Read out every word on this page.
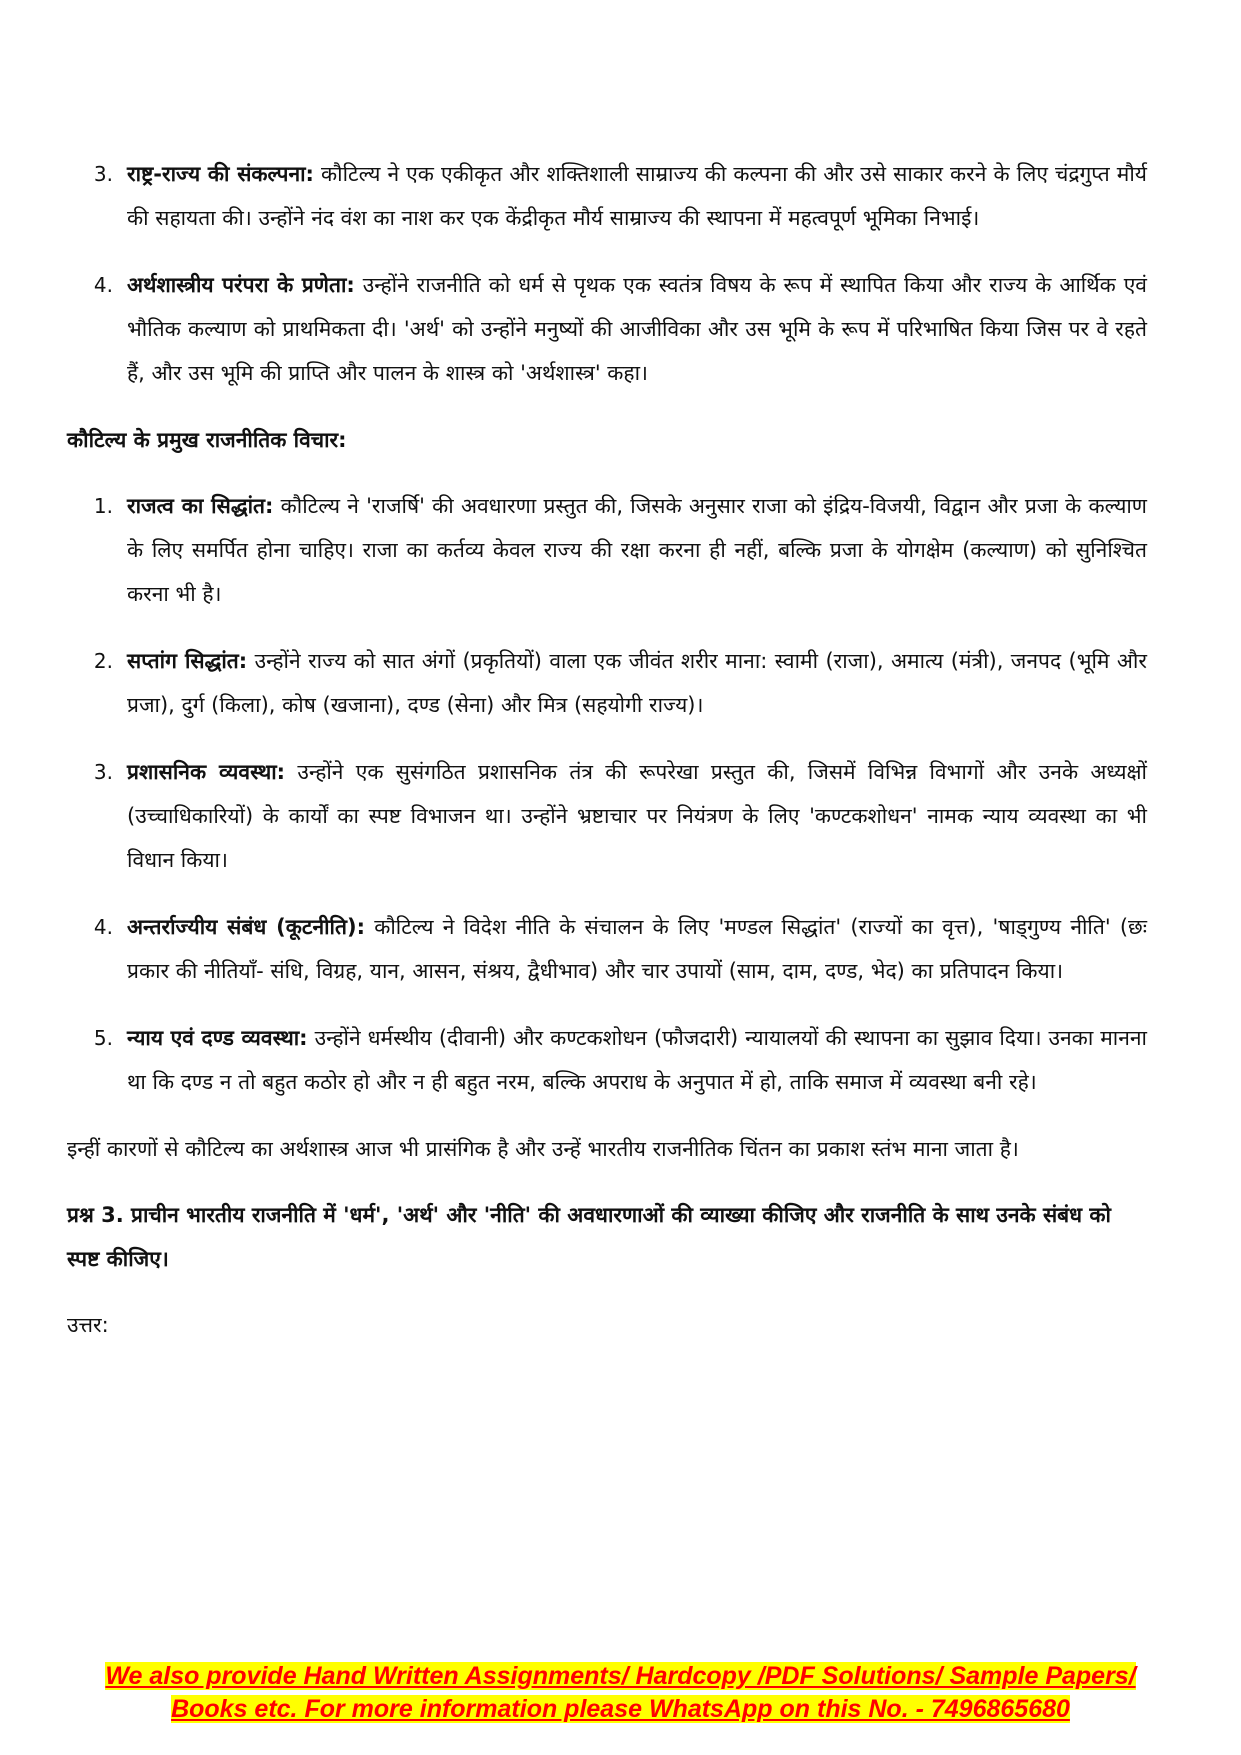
3. राष्ट्र-राज्य की संकल्पना: कौटिल्य ने एक एकीकृत और शक्तिशाली साम्राज्य की कल्पना की और उसे साकार करने के लिए चंद्रगुप्त मौर्य की सहायता की। उन्होंने नंद वंश का नाश कर एक केंद्रीकृत मौर्य साम्राज्य की स्थापना में महत्वपूर्ण भूमिका निभाई।
4. अर्थशास्त्रीय परंपरा के प्रणेता: उन्होंने राजनीति को धर्म से पृथक एक स्वतंत्र विषय के रूप में स्थापित किया और राज्य के आर्थिक एवं भौतिक कल्याण को प्राथमिकता दी। 'अर्थ' को उन्होंने मनुष्यों की आजीविका और उस भूमि के रूप में परिभाषित किया जिस पर वे रहते हैं, और उस भूमि की प्राप्ति और पालन के शास्त्र को 'अर्थशास्त्र' कहा।
कौटिल्य के प्रमुख राजनीतिक विचार:
1. राजत्व का सिद्धांत: कौटिल्य ने 'राजर्षि' की अवधारणा प्रस्तुत की, जिसके अनुसार राजा को इंद्रिय-विजयी, विद्वान और प्रजा के कल्याण के लिए समर्पित होना चाहिए। राजा का कर्तव्य केवल राज्य की रक्षा करना ही नहीं, बल्कि प्रजा के योगक्षेम (कल्याण) को सुनिश्चित करना भी है।
2. सप्तांग सिद्धांत: उन्होंने राज्य को सात अंगों (प्रकृतियों) वाला एक जीवंत शरीर माना: स्वामी (राजा), अमात्य (मंत्री), जनपद (भूमि और प्रजा), दुर्ग (किला), कोष (खजाना), दण्ड (सेना) और मित्र (सहयोगी राज्य)।
3. प्रशासनिक व्यवस्था: उन्होंने एक सुसंगठित प्रशासनिक तंत्र की रूपरेखा प्रस्तुत की, जिसमें विभिन्न विभागों और उनके अध्यक्षों (उच्चाधिकारियों) के कार्यों का स्पष्ट विभाजन था। उन्होंने भ्रष्टाचार पर नियंत्रण के लिए 'कण्टकशोधन' नामक न्याय व्यवस्था का भी विधान किया।
4. अन्तर्राज्यीय संबंध (कूटनीति): कौटिल्य ने विदेश नीति के संचालन के लिए 'मण्डल सिद्धांत' (राज्यों का वृत्त), 'षाड्गुण्य नीति' (छः प्रकार की नीतियाँ- संधि, विग्रह, यान, आसन, संश्रय, द्वैधीभाव) और चार उपायों (साम, दाम, दण्ड, भेद) का प्रतिपादन किया।
5. न्याय एवं दण्ड व्यवस्था: उन्होंने धर्मस्थीय (दीवानी) और कण्टकशोधन (फौजदारी) न्यायालयों की स्थापना का सुझाव दिया। उनका मानना था कि दण्ड न तो बहुत कठोर हो और न ही बहुत नरम, बल्कि अपराध के अनुपात में हो, ताकि समाज में व्यवस्था बनी रहे।

इन्हीं कारणों से कौटिल्य का अर्थशास्त्र आज भी प्रासंगिक है और उन्हें भारतीय राजनीतिक चिंतन का प्रकाश स्तंभ माना जाता है।

प्रश्न 3. प्राचीन भारतीय राजनीति में 'धर्म', 'अर्थ' और 'नीति' की अवधारणाओं की व्याख्या कीजिए और राजनीति के साथ उनके संबंध को स्पष्ट कीजिए।

उत्तर:

We also provide Hand Written Assignments/ Hardcopy /PDF Solutions/ Sample Papers/
Books etc. For more information please WhatsApp on this No. - 7496865680
